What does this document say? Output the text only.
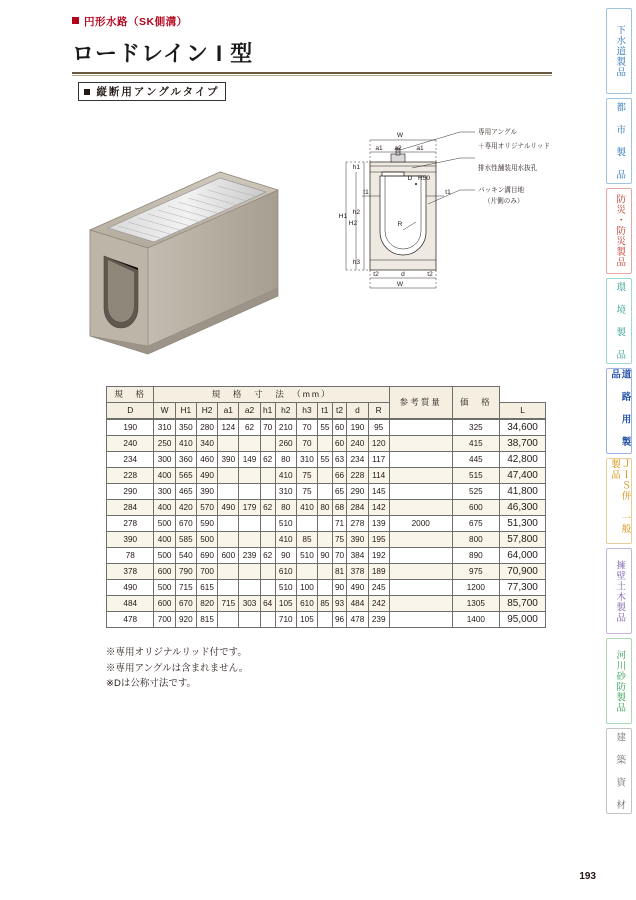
円形水路（SK側溝）
ロードレイン I 型
縦断用アングルタイプ
W
a1 a2 a1
H1
H2
h1
h2
h3
W
t2	d	t2
t1	t1
D R50
R
専用アングル
＋専用オリジナルリッド
排水性舗装用水抜孔
パッキン溝目地
（片側のみ）
規　格	規　格　寸　法　（mm）												参考質量	価　格	

D	W	H1	H2	a1	a2	h1	h2	h3	t1	t2	d	R			L

190	310	350	280	124	62	70	210	70	55	60	190	95		325	34,600
240	250	410	340				260	70		60	240	120		415	38,700
234	300	360	460	390	149	62	80	310	55	63	234	117		445	42,800
228	400	565	490				410	75		66	228	114		515	47,400
290	300	465	390				310	75		65	290	145		525	41,800
284	400	420	570	490	179	62	80	410	80	68	284	142		600	46,300
278	500	670	590				510			71	278	139	2000	675	51,300
390	400	585	500				410	85		75	390	195		800	57,800
78	500	540	690	600	239	62	90	510	90	70	384	192		890	64,000
378	600	790	700				610			81	378	189		975	70,900
490	500	715	615				510	100		90	490	245		1200	77,300
484	600	670	820	715	303	64	105	610	85	93	484	242		1305	85,700
478	700	920	815				710	105		96	478	239		1400	95,000
※専用オリジナルリッド付です。
※専用アングルは含まれません。
※Dは公称寸法です。
下水道製品
都 市 製 品
防災・防災製品
環 境 製 品
道 路 用 製 品
ＪＩＳ併 一般製品
擁壁土木製品
河川砂防製品
建 築 資 材
193
